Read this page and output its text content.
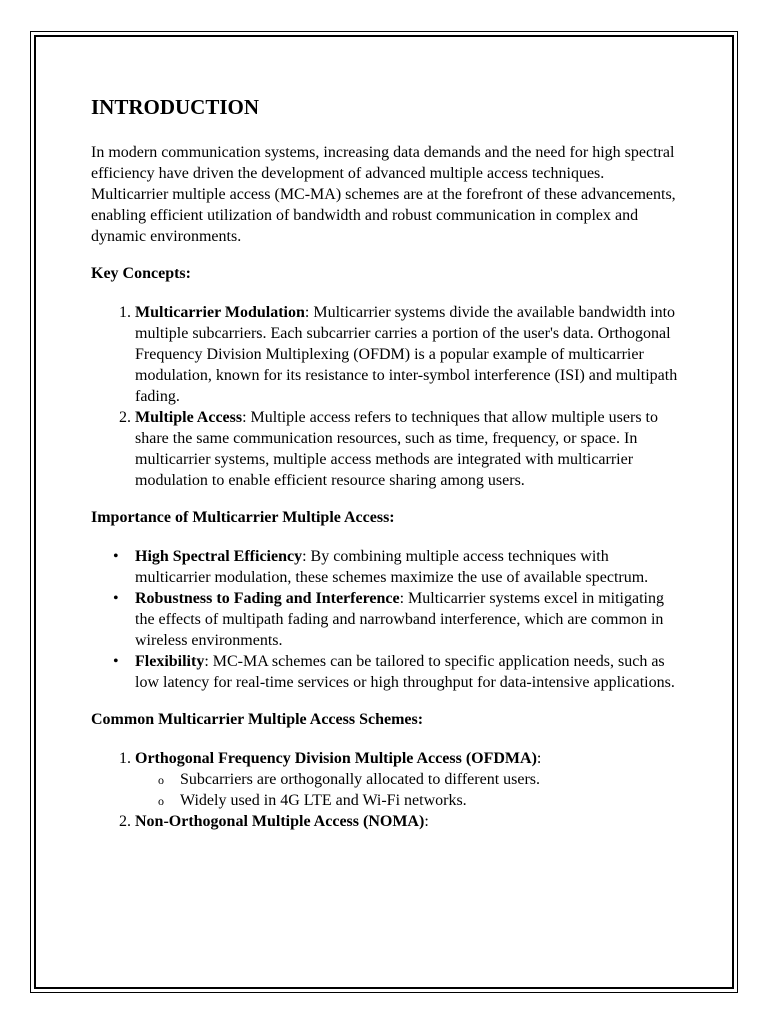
INTRODUCTION

In modern communication systems, increasing data demands and the need for high spectral efficiency have driven the development of advanced multiple access techniques. Multicarrier multiple access (MC-MA) schemes are at the forefront of these advancements, enabling efficient utilization of bandwidth and robust communication in complex and dynamic environments.

Key Concepts:
1. Multicarrier Modulation: Multicarrier systems divide the available bandwidth into multiple subcarriers. Each subcarrier carries a portion of the user's data. Orthogonal Frequency Division Multiplexing (OFDM) is a popular example of multicarrier modulation, known for its resistance to inter-symbol interference (ISI) and multipath fading.
2. Multiple Access: Multiple access refers to techniques that allow multiple users to share the same communication resources, such as time, frequency, or space. In multicarrier systems, multiple access methods are integrated with multicarrier modulation to enable efficient resource sharing among users.
Importance of Multicarrier Multiple Access:
• High Spectral Efficiency: By combining multiple access techniques with multicarrier modulation, these schemes maximize the use of available spectrum.
• Robustness to Fading and Interference: Multicarrier systems excel in mitigating the effects of multipath fading and narrowband interference, which are common in wireless environments.
• Flexibility: MC-MA schemes can be tailored to specific application needs, such as low latency for real-time services or high throughput for data-intensive applications.
Common Multicarrier Multiple Access Schemes:
1. Orthogonal Frequency Division Multiple Access (OFDMA):
o Subcarriers are orthogonally allocated to different users.
o Widely used in 4G LTE and Wi-Fi networks.
2. Non-Orthogonal Multiple Access (NOMA):
